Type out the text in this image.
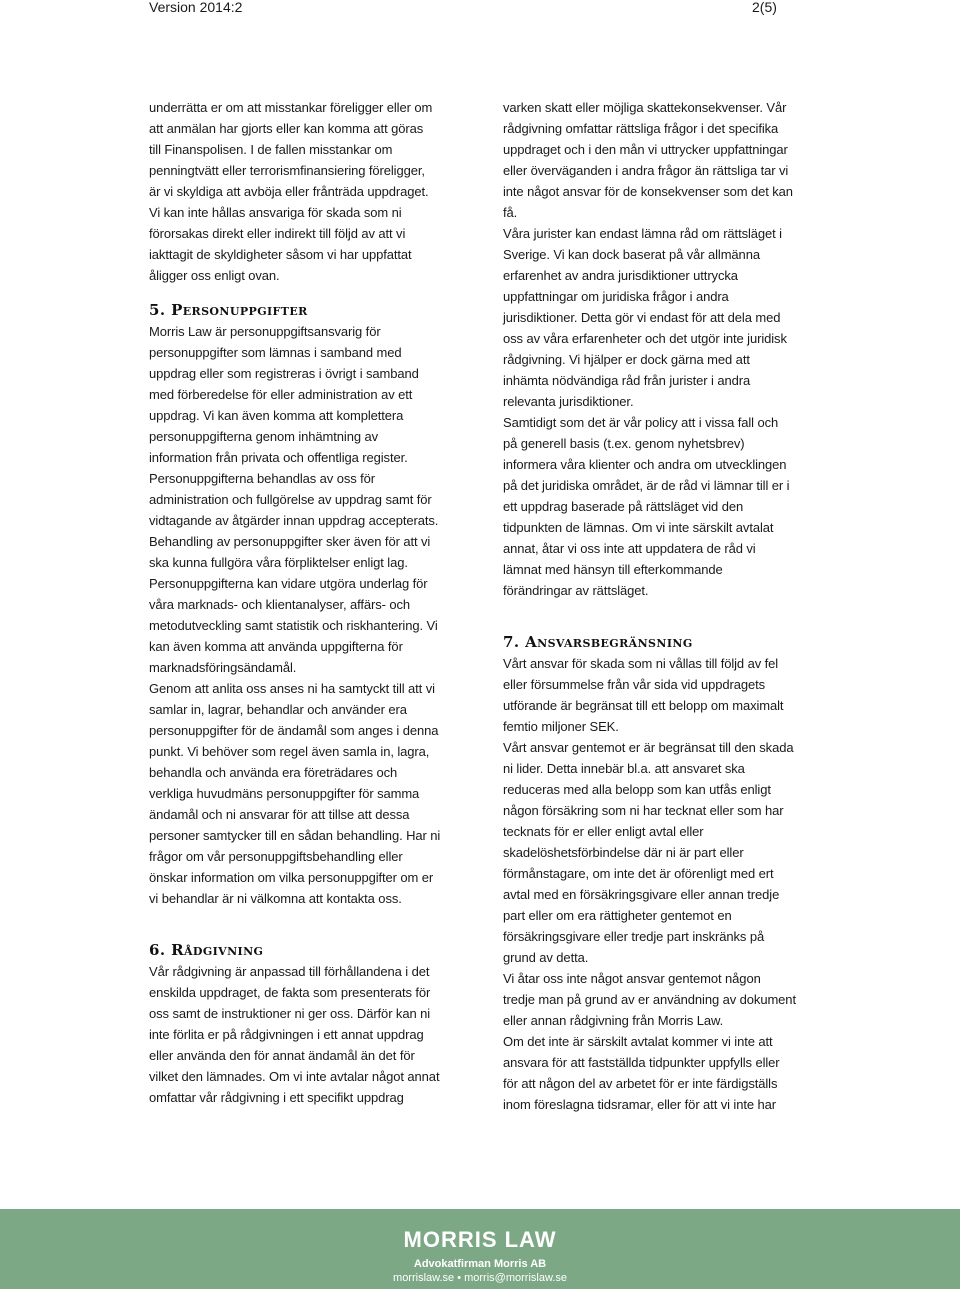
Version 2014:2	2(5)

underrätta er om att misstankar föreligger eller om
att anmälan har gjorts eller kan komma att göras
till Finanspolisen. I de fallen misstankar om
penningtvätt eller terrorismfinansiering föreligger,
är vi skyldiga att avböja eller frånträda uppdraget.
Vi kan inte hållas ansvariga för skada som ni
förorsakas direkt eller indirekt till följd av att vi
iakttagit de skyldigheter såsom vi har uppfattat
åligger oss enligt ovan.

5. Personuppgifter

Morris Law är personuppgiftsansvarig för
personuppgifter som lämnas i samband med
uppdrag eller som registreras i övrigt i samband
med förberedelse för eller administration av ett
uppdrag. Vi kan även komma att komplettera
personuppgifterna genom inhämtning av
information från privata och offentliga register.
Personuppgifterna behandlas av oss för
administration och fullgörelse av uppdrag samt för
vidtagande av åtgärder innan uppdrag accepterats.
Behandling av personuppgifter sker även för att vi
ska kunna fullgöra våra förpliktelser enligt lag.
Personuppgifterna kan vidare utgöra underlag för
våra marknads- och klientanalyser, affärs- och
metodutveckling samt statistik och riskhantering. Vi
kan även komma att använda uppgifterna för
marknadsföringsändamål.
Genom att anlita oss anses ni ha samtyckt till att vi
samlar in, lagrar, behandlar och använder era
personuppgifter för de ändamål som anges i denna
punkt. Vi behöver som regel även samla in, lagra,
behandla och använda era företrädares och
verkliga huvudmäns personuppgifter för samma
ändamål och ni ansvarar för att tillse att dessa
personer samtycker till en sådan behandling. Har ni
frågor om vår personuppgiftsbehandling eller
önskar information om vilka personuppgifter om er
vi behandlar är ni välkomna att kontakta oss.

6. Rådgivning

Vår rådgivning är anpassad till förhållandena i det
enskilda uppdraget, de fakta som presenterats för
oss samt de instruktioner ni ger oss. Därför kan ni
inte förlita er på rådgivningen i ett annat uppdrag
eller använda den för annat ändamål än det för
vilket den lämnades. Om vi inte avtalar något annat
omfattar vår rådgivning i ett specifikt uppdrag

varken skatt eller möjliga skattekonsekvenser. Vår
rådgivning omfattar rättsliga frågor i det specifika
uppdraget och i den mån vi uttrycker uppfattningar
eller överväganden i andra frågor än rättsliga tar vi
inte något ansvar för de konsekvenser som det kan
få.
Våra jurister kan endast lämna råd om rättsläget i
Sverige. Vi kan dock baserat på vår allmänna
erfarenhet av andra jurisdiktioner uttrycka
uppfattningar om juridiska frågor i andra
jurisdiktioner. Detta gör vi endast för att dela med
oss av våra erfarenheter och det utgör inte juridisk
rådgivning. Vi hjälper er dock gärna med att
inhämta nödvändiga råd från jurister i andra
relevanta jurisdiktioner.
Samtidigt som det är vår policy att i vissa fall och
på generell basis (t.ex. genom nyhetsbrev)
informera våra klienter och andra om utvecklingen
på det juridiska området, är de råd vi lämnar till er i
ett uppdrag baserade på rättsläget vid den
tidpunkten de lämnas. Om vi inte särskilt avtalat
annat, åtar vi oss inte att uppdatera de råd vi
lämnat med hänsyn till efterkommande
förändringar av rättsläget.

7. Ansvarsbegränsning

Vårt ansvar för skada som ni vållas till följd av fel
eller försummelse från vår sida vid uppdragets
utförande är begränsat till ett belopp om maximalt
femtio miljoner SEK.
Vårt ansvar gentemot er är begränsat till den skada
ni lider. Detta innebär bl.a. att ansvaret ska
reduceras med alla belopp som kan utfås enligt
någon försäkring som ni har tecknat eller som har
tecknats för er eller enligt avtal eller
skadelöshetsförbindelse där ni är part eller
förmånstagare, om inte det är oförenligt med ert
avtal med en försäkringsgivare eller annan tredje
part eller om era rättigheter gentemot en
försäkringsgivare eller tredje part inskränks på
grund av detta.
Vi åtar oss inte något ansvar gentemot någon
tredje man på grund av er användning av dokument
eller annan rådgivning från Morris Law.
Om det inte är särskilt avtalat kommer vi inte att
ansvara för att fastställda tidpunkter uppfylls eller
för att någon del av arbetet för er inte färdigställs
inom föreslagna tidsramar, eller för att vi inte har

MORRIS LAW
Advokatfirman Morris AB
morrislaw.se • morris@morrislaw.se
